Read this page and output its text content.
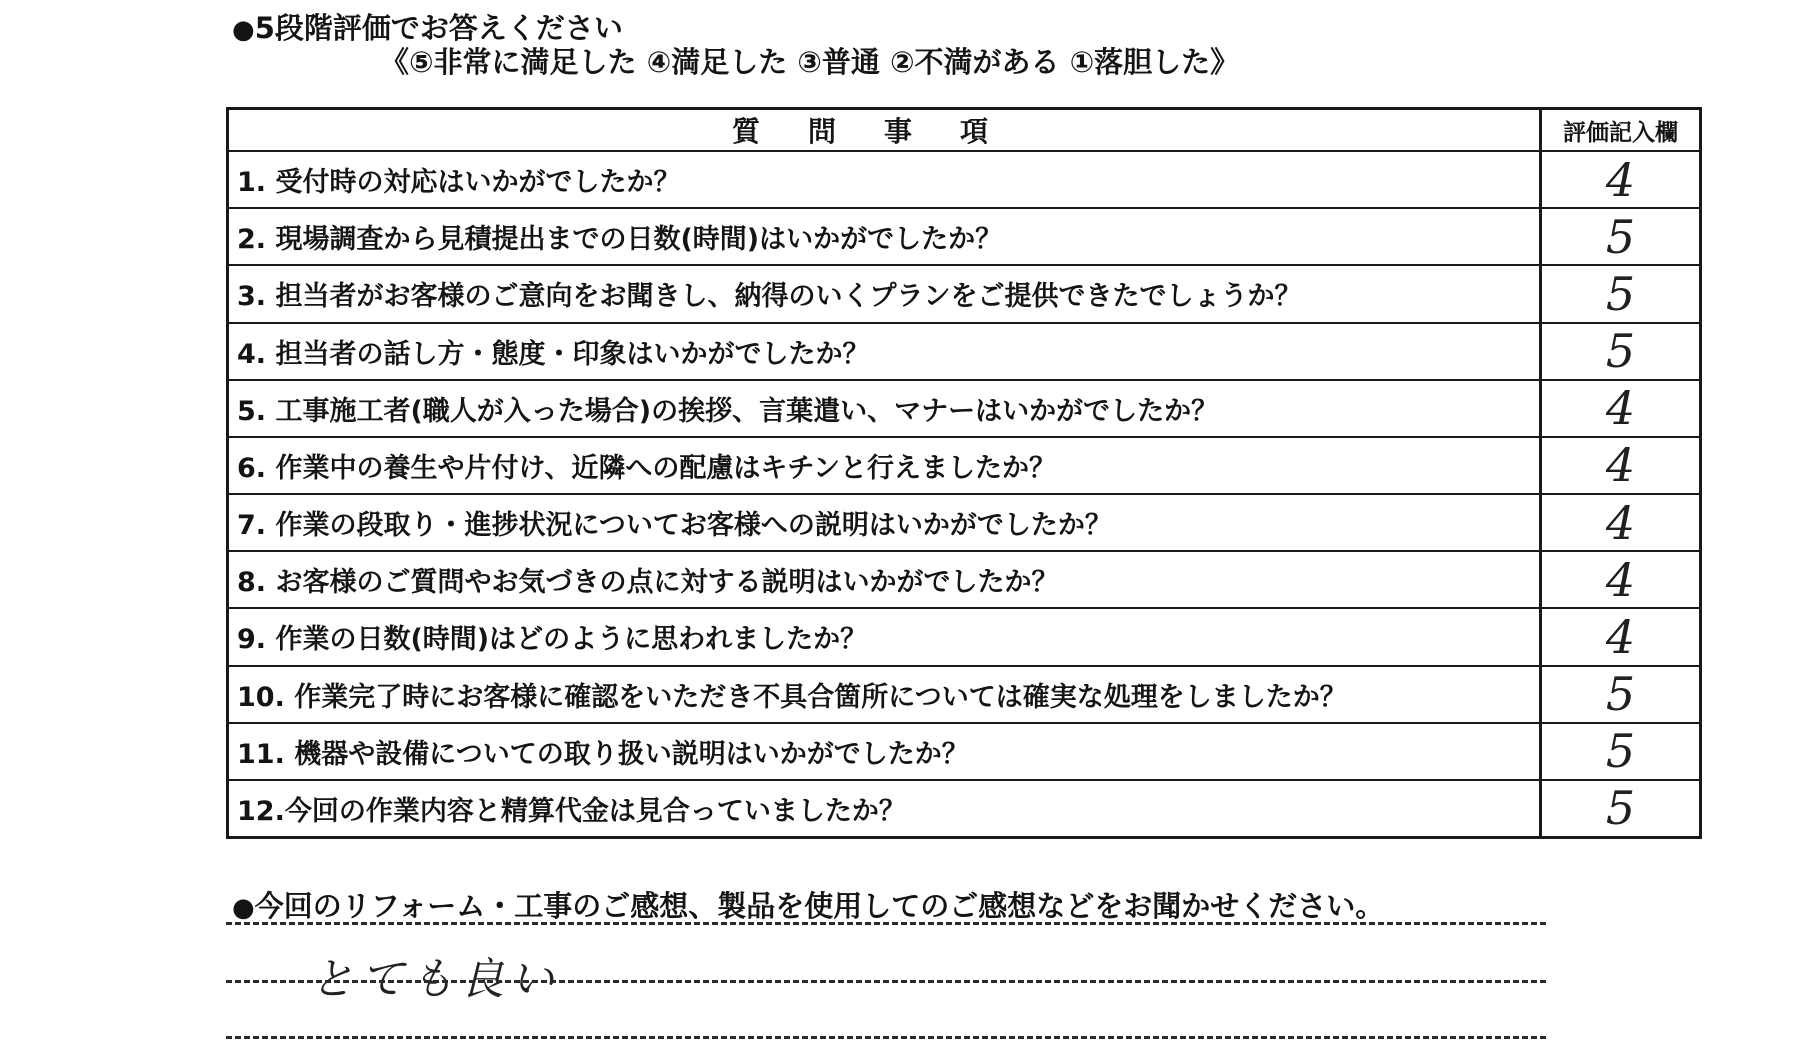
●5段階評価でお答えください
《⑤非常に満足した ④満足した ③普通 ②不満がある ①落胆した》
質問事項	評価記入欄
1. 受付時の対応はいかがでしたか？	4
2. 現場調査から見積提出までの日数(時間)はいかがでしたか？	5
3. 担当者がお客様のご意向をお聞きし、納得のいくプランをご提供できたでしょうか？	5
4. 担当者の話し方・態度・印象はいかがでしたか？	5
5. 工事施工者(職人が入った場合)の挨拶、言葉遣い、マナーはいかがでしたか？	4
6. 作業中の養生や片付け、近隣への配慮はキチンと行えましたか？	4
7. 作業の段取り・進捗状況についてお客様への説明はいかがでしたか？	4
8. お客様のご質問やお気づきの点に対する説明はいかがでしたか？	4
9. 作業の日数(時間)はどのように思われましたか？	4
10. 作業完了時にお客様に確認をいただき不具合箇所については確実な処理をしましたか？	5
11. 機器や設備についての取り扱い説明はいかがでしたか？	5
12.今回の作業内容と精算代金は見合っていましたか？	5
●今回のリフォーム・工事のご感想、製品を使用してのご感想などをお聞かせください。
とても良い
